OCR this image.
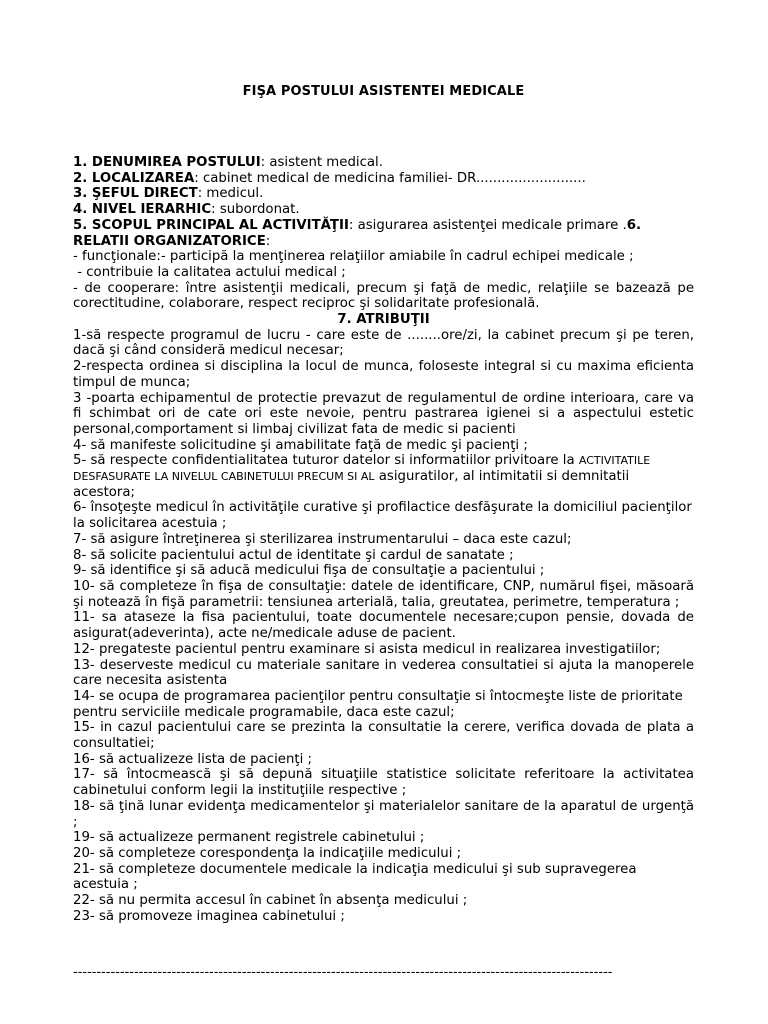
FIŞA POSTULUI ASISTENTEI MEDICALE

1. DENUMIREA POSTULUI: asistent medical.

2. LOCALIZAREA: cabinet medical de medicina familiei- DR..........................

3. ŞEFUL DIRECT: medicul.

4. NIVEL IERARHIC: subordonat.

5. SCOPUL PRINCIPAL AL ACTIVITĂŢII: asigurarea asistenţei medicale primare .6. RELATII ORGANIZATORICE:

- funcţionale:- participă la menţinerea relaţiilor amiabile în cadrul echipei medicale ;

- contribuie la calitatea actului medical ;

- de cooperare: între asistenţii medicali, precum şi faţă de medic, relaţiile se bazează pe corectitudine, colaborare, respect reciproc şi solidaritate profesională.

7. ATRIBUŢII

1-să respecte programul de lucru - care este de ........ore/zi, la cabinet precum şi pe teren, dacă şi când consideră medicul necesar;

2-respecta ordinea si disciplina la locul de munca, foloseste integral si cu maxima eficienta timpul de munca;

3 -poarta echipamentul de protectie prevazut de regulamentul de ordine interioara, care va fi schimbat ori de cate ori este nevoie, pentru pastrarea igienei si a aspectului estetic personal,comportament si limbaj civilizat fata de medic si pacienti

4- să manifeste solicitudine şi amabilitate faţă de medic şi pacienţi ;

5- să respecte confidentialitatea tuturor datelor si informatiilor privitoare la ACTIVITATILE DESFASURATE LA NIVELUL CABINETULUI PRECUM SI AL asiguratilor, al intimitatii si demnitatii acestora;

6- însoţeşte medicul în activităţile curative şi profilactice desfăşurate la domiciliul pacienţilor la solicitarea acestuia ;

7- să asigure întreţinerea şi sterilizarea instrumentarului – daca este cazul;

8- să solicite pacientului actul de identitate şi cardul de sanatate ;

9- să identifice şi să aducă medicului fişa de consultaţie a pacientului ;

10- să completeze în fişa de consultaţie: datele de identificare, CNP, numărul fişei, măsoară şi notează în fişă parametrii: tensiunea arterială, talia, greutatea, perimetre, temperatura ;

11- sa ataseze la fisa pacientului, toate documentele necesare;cupon pensie, dovada de asigurat(adeverinta), acte ne/medicale aduse de pacient.

12- pregateste pacientul pentru examinare si asista medicul in realizarea investigatiilor;

13- deserveste medicul cu materiale sanitare in vederea consultatiei si ajuta la manoperele care necesita asistenta

14- se ocupa de programarea pacienţilor pentru consultaţie si întocmeşte liste de prioritate pentru serviciile medicale programabile, daca este cazul;

15- in cazul pacientului care se prezinta la consultatie la cerere, verifica dovada de plata a consultatiei;

16- să actualizeze lista de pacienţi ;

17- să întocmească şi să depună situaţiile statistice solicitate referitoare la activitatea cabinetului conform legii la instituţiile respective ;

18- să ţină lunar evidenţa medicamentelor şi materialelor sanitare de la aparatul de urgenţă ;

19- să actualizeze permanent registrele cabinetului ;

20- să completeze corespondenţa la indicaţiile medicului ;

21- să completeze documentele medicale la indicaţia medicului şi sub supravegerea acestuia ;

22- să nu permita accesul în cabinet în absenţa medicului ;

23- să promoveze imaginea cabinetului ;

-------------------------------------------------------------------------------------------------------------------
